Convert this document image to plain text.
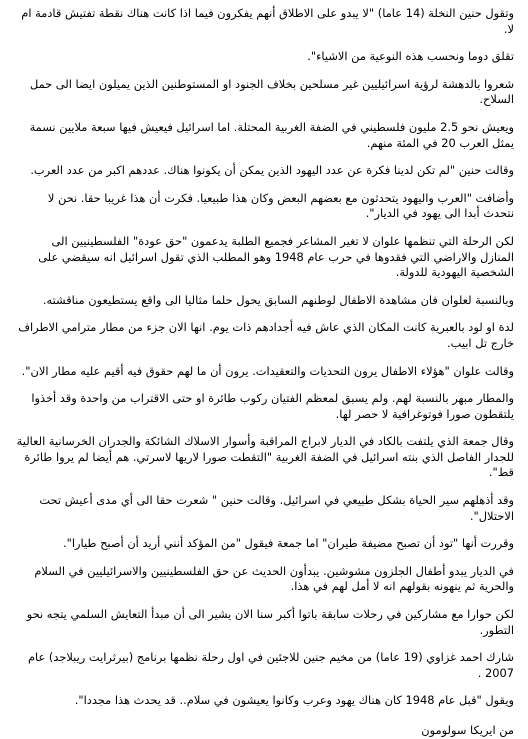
وتقول حنين النخلة (14 عاما) "لا يبدو على الاطلاق أنهم يفكرون فيما اذا كانت هناك نقطة تفتيش قادمة ام لا.

تقلق دوما ونحسب هذه النوعية من الاشياء".

شعروا بالدهشة لرؤية اسرائيليين غير مسلحين بخلاف الجنود او المستوطنين الذين يميلون ايضا الى حمل السلاح.

ويعيش نحو 2.5 مليون فلسطيني في الضفة الغربية المحتلة. اما اسرائيل فيعيش فيها سبعة ملايين نسمة يمثل العرب 20 في المئة منهم.

وقالت حنين "لم تكن لدينا فكرة عن عدد اليهود الذين يمكن أن يكونوا هناك. عددهم اكبر من عدد العرب.

وأضافت "العرب واليهود يتحدثون مع بعضهم البعض وكان هذا طبيعيا. فكرت أن هذا غريبا حقا. نحن لا نتحدث أبدا الى يهود في الديار".

لكن الرحلة التي تنظمها علوان لا تغير المشاعر فجميع الطلبة يدعمون "حق عودة" الفلسطينيين الى المنازل والاراضي التي فقدوها في حرب عام 1948 وهو المطلب الذي تقول اسرائيل انه سيقضي على الشخصية اليهودية للدولة.

وبالنسبة لعلوان فان مشاهدة الاطفال لوطنهم السابق يحول حلما مثاليا الى واقع يستطيعون مناقشته.

لدة او لود بالعبرية كانت المكان الذي عاش فيه أجدادهم ذات يوم. انها الان جزء من مطار مترامي الاطراف خارج تل ابيب.

وقالت علوان "هؤلاء الاطفال يرون التحديات والتعقيدات. يرون أن ما لهم حقوق فيه أقيم عليه مطار الان".

والمطار مبهر بالنسبة لهم. ولم يسبق لمعظم الفتيان ركوب طائرة او حتى الاقتراب من واحدة وقد أخذوا يلتقطون صورا فوتوغرافية لا حصر لها.

وقال جمعة الذي يلتفت بالكاد في الديار لابراج المراقبة وأسوار الاسلاك الشائكة والجدران الخرسانية العالية للجدار الفاصل الذي بنته اسرائيل في الضفة الغربية "التقطت صورا لاريها لاسرتي. هم أيضا لم يروا طائرة قط".

وقد أذهلهم سير الحياة بشكل طبيعي في اسرائيل. وقالت حنين " شعرت حقا الى أي مدى أعيش تحت الاحتلال".

وقررت أنها "تود أن تصبح مضيفة طيران" اما جمعة فيقول "من المؤكد أنني أريد أن أصبح طيارا".

في الديار يبدو أطفال الجلزون مشوشين. يبدأون الحديث عن حق الفلسطينيين والاسرائيليين في السلام والحرية ثم ينهونه بقولهم انه لا أمل لهم في هذا.

لكن حوارا مع مشاركين في رحلات سابقة باتوا أكبر سنا الان يشير الى أن مبدأ التعايش السلمي يتجه نحو التطور.

شارك احمد غزاوي (19 عاما) من مخيم جنين للاجئين في اول رحلة نظمها برنامج (بيرثرايت ريبلاجد) عام 2007 .

ويقول "قبل عام 1948 كان هناك يهود وعرب وكانوا يعيشون في سلام.. قد يحدث هذا مجددا".

من ايريكا سولومون
